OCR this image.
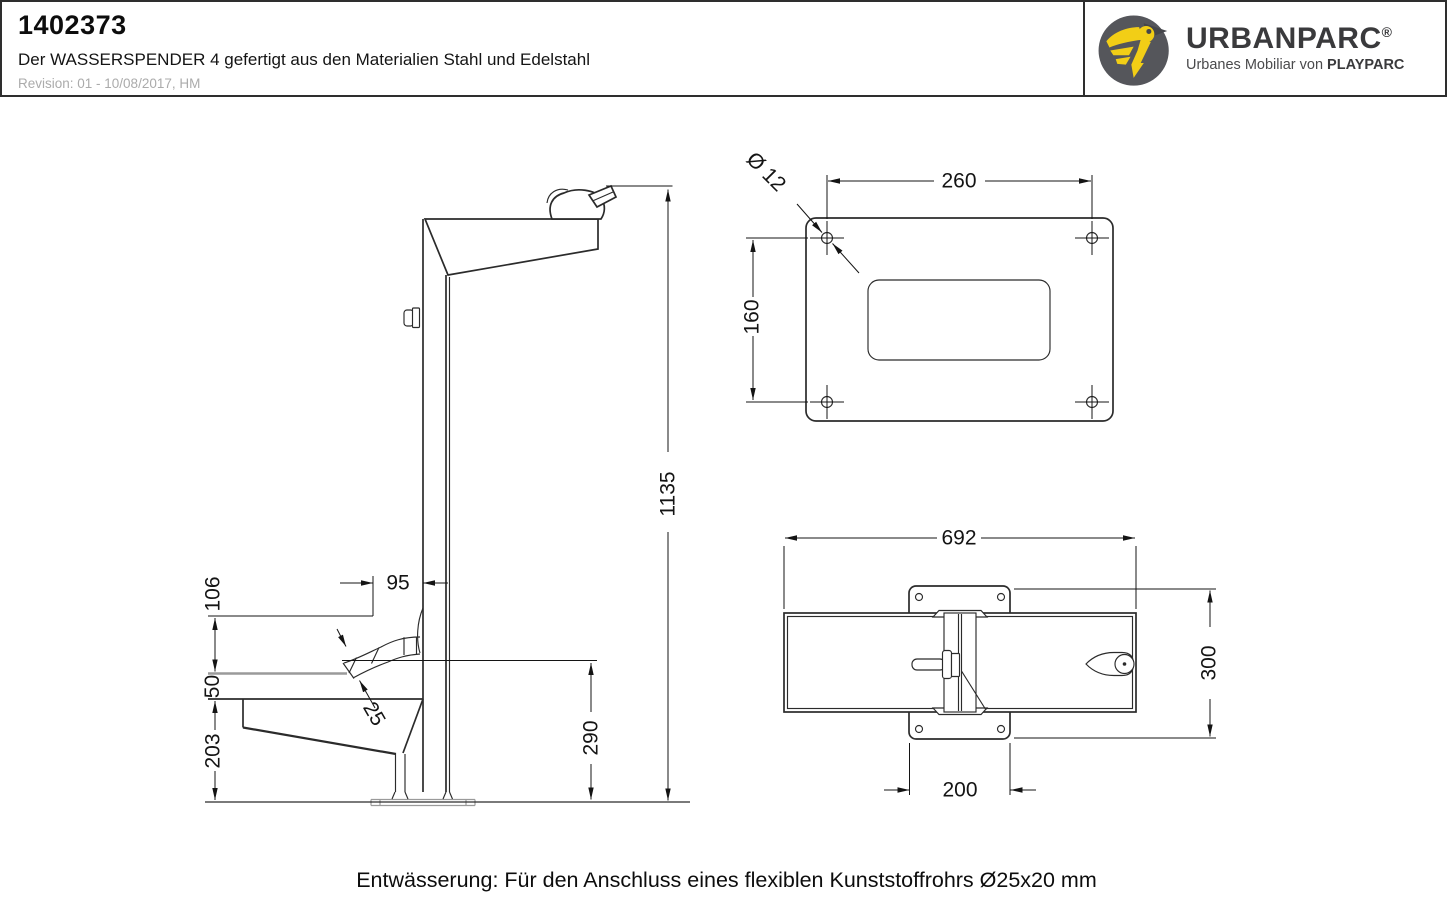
1402373
Der WASSERSPENDER 4 gefertigt aus den Materialien Stahl und Edelstahl
Revision: 01 - 10/08/2017, HM
URBANPARC®
Urbanes Mobiliar von PLAYPARC
1135
290
95
106
50
203
25
260
160
Ø 12
692
300
200
Entwässerung: Für den Anschluss eines flexiblen Kunststoffrohrs Ø25x20 mm
